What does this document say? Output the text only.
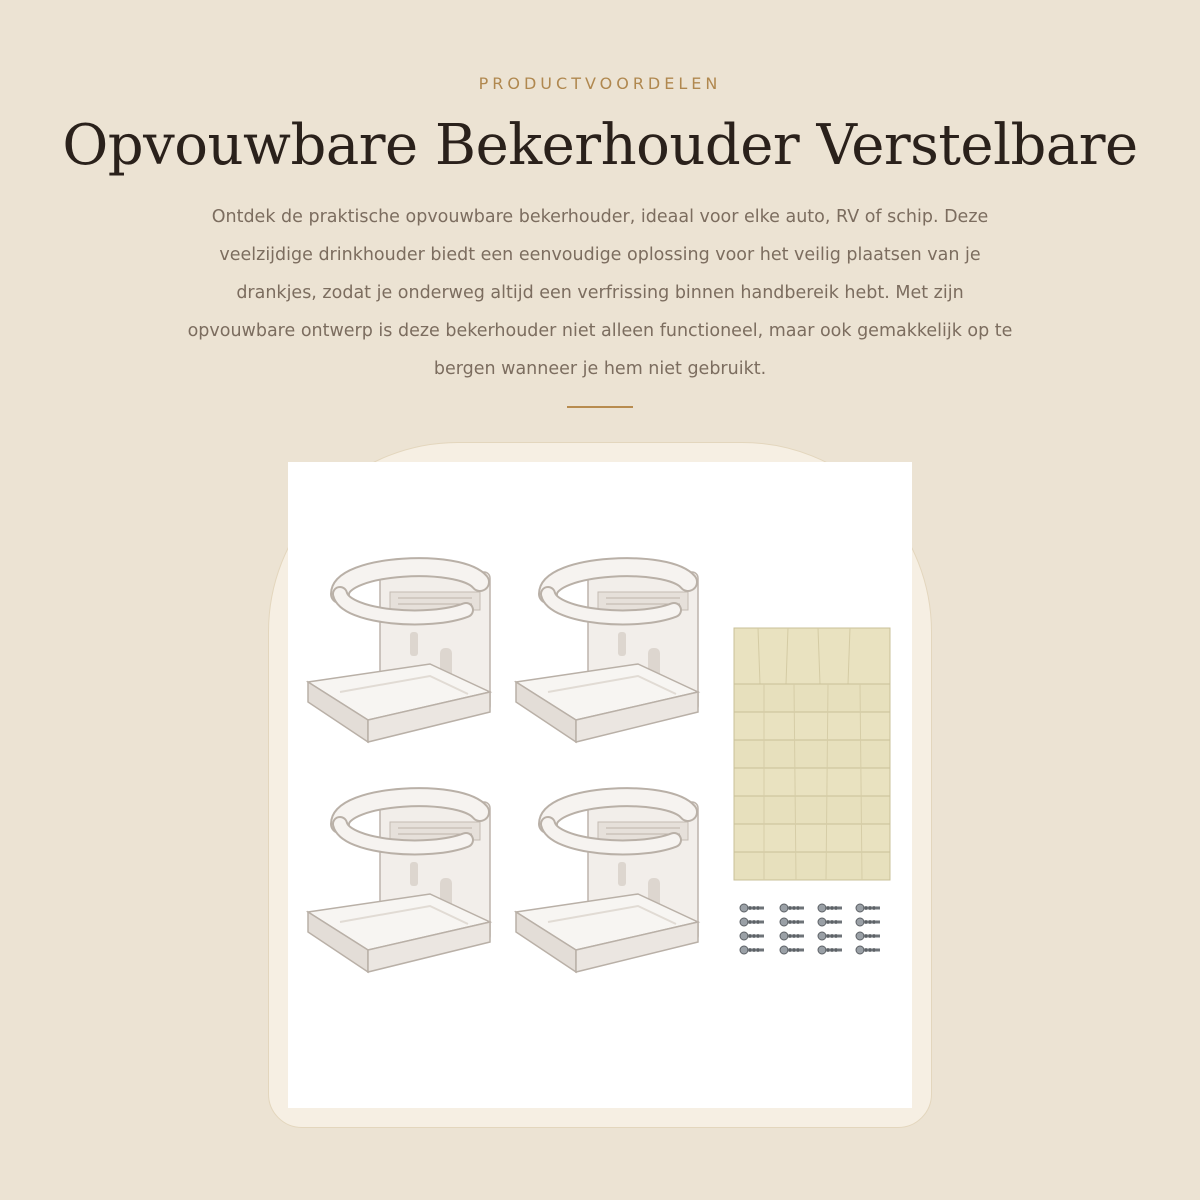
PRODUCTVOORDELEN
Opvouwbare Bekerhouder Verstelbare
Ontdek de praktische opvouwbare bekerhouder, ideaal voor elke auto, RV of schip. Deze veelzijdige drinkhouder biedt een eenvoudige oplossing voor het veilig plaatsen van je drankjes, zodat je onderweg altijd een verfrissing binnen handbereik hebt. Met zijn opvouwbare ontwerp is deze bekerhouder niet alleen functioneel, maar ook gemakkelijk op te bergen wanneer je hem niet gebruikt.
